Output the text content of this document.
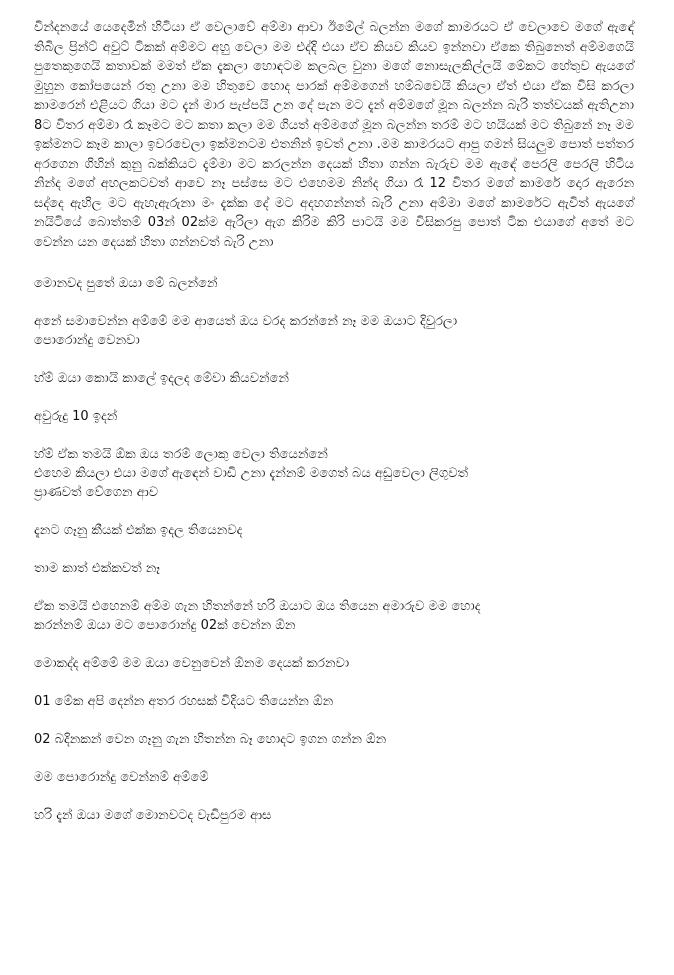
වින්දනයේ යෙදෙමින් හිටියා ඒ වෙලාවේ අම්මා ආවා ඊමේල් බලන්න මගේ කාමරයට ඒ වෙලාවෙ මගේ ඇඳේ තිබිල ප්‍රින්ට් අවුට් ටිකක් අම්මට අහු වෙලා මම එද්දි එයා ඒව කියව කියව ඉන්නවා ඒකෙ තිබුනෙත් අම්මගෙයි පුතෙකුගෙයි කතාවක් මමත් ඒක දැකලා හොඳටම කලබල වුනා මගේ නොසැලකිල්ලයි මේකට හේතුව ඇයගේ මුහුන කෝපයෙන් රතු උනා මම හිතුවෙ හොද පාරක් අම්මගෙන් හම්බවෙයි කියලා ඒත් එයා ඒක විසි කරලා කාමරෙන් එළියට ගියා මට දැන් මාර පැප්පයි උන දේ පැන මට දැන් අම්මගේ මූන බලන්න බැරි තත්වයක් ඇතිඋනා 8ට විතර අම්මා රෑ කෑමට මට කතා කලා මම ගියත් අම්මගේ මූන බලන්න තරම් මට හයියක් මට තිබුනේ නෑ මම ඉක්මනට කෑම කාලා ඉවරවෙලා ඉක්මනටම එතනින් ඉවත් උනා .මම කාමරයට ආපු ගමන් සියලුම පොත් පත්තර අරගෙන ගිහින් කුනු බක්කියට දැම්මා මට කරලන්න දෙයක් හිතා ගන්න බැරුව මම ඇඳේ පෙරලි පෙරලි හිටිය නින්ද මගේ අහලකටවත් ආවෙ නෑ පස්සෙ මට එහෙමම නින්ද ගියා රෑ 12 විතර මගේ කාමරේ දොර ඇරෙන සද්දෙ ඇහිල මට ඇහැඇරුනා මං දැක්ක දේ මට අදහගන්නත් බැරි උනා අම්මා මගේ කාමරේට ඇවිත් ඇයගේ නයිටියේ බොත්තම් 03න් 02ක්ම ඇරිලා ඇග කිරිම කිරි පාටයි මම විසිකරපු පොත් ටික එයාගේ අතේ මට වෙන්න යන දෙයක් හිතා ගන්නවත් බැරි උනා

මොනවද පුතේ ඔයා මේ බලන්නේ

අනේ සමාවෙන්න අම්මේ මම ආයෙත් ඔය වරද කරන්නේ නෑ මම ඔයාට දිවුරලා
පොරොන්දු වෙනවා

හ්ම් ඔයා කොයි කාලේ ඉදලද මේවා කියවන්නේ

අවුරුදු 10 ඉදන්

හ්ම් ඒක තමයි ඕක ඔය තරම් ලොකු වෙලා තියෙන්නේ
එහෙම කියලා එයා මගේ ඇඳෙන් වාඩි උනා දැන්නම් මගෙත් බය අඩුවෙලා ලිගුවත්
ප්‍රාණවත් වේගෙන ආව

දැනට ගෑනු කීයක් එක්ක ඉදල තියෙනවද

තාම කාත් එක්කවත් නෑ

ඒක තමයි එහෙනම් අම්ම ගැන හිතන්නේ හරි ඔයාට ඔය තියෙන අමාරුව මම හොද
කරන්නම් ඔයා මට පොරොන්දු 02ක් වෙන්න ඕන

මොකද්ද අම්මේ මම ඔයා වෙනුවෙන් ඕනම දෙයක් කරනවා

01 මේක අපි දෙන්න අතර රහසක් විදියට තියෙන්න ඕන

02 බදිනකන් වෙන ගෑනු ගැන හිතන්න බෑ හොදට ඉගන ගන්න ඕන

මම පොරොන්දු වෙන්නම් අම්මේ

හරි දැන් ඔයා මගේ මොනවටද වැඩිපුරම ආස
